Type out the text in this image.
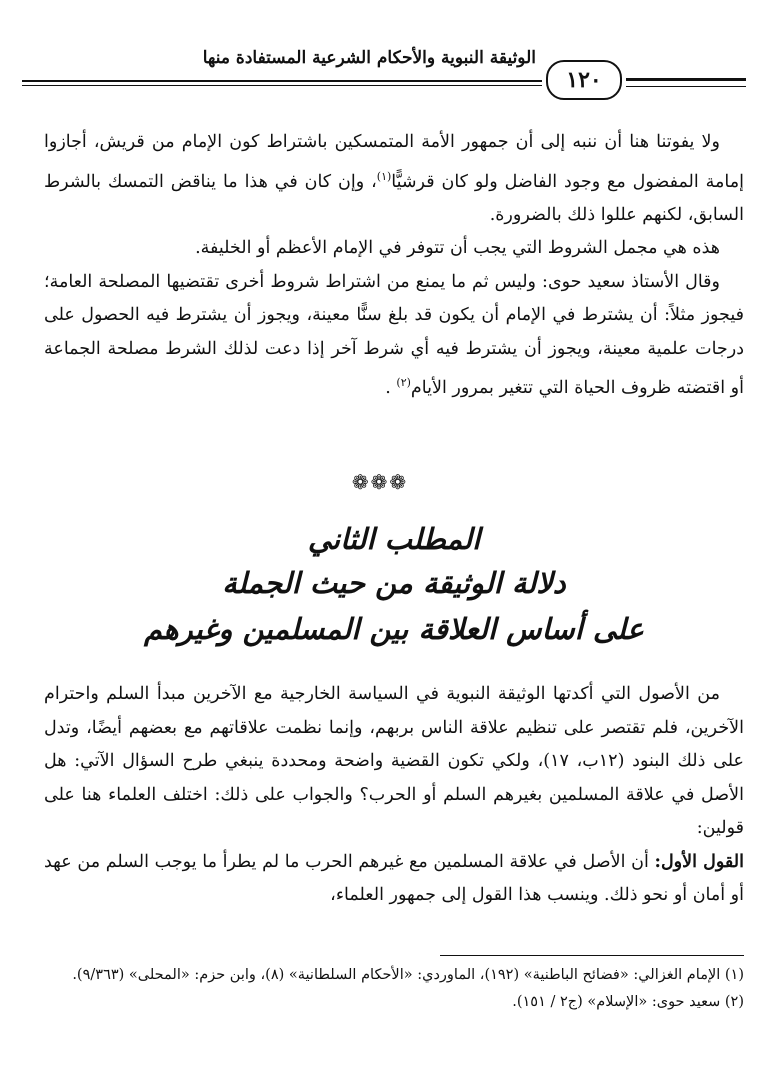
الوثيقة النبوية والأحكام الشرعية المستفادة منها
١٢٠

ولا يفوتنا هنا أن ننبه إلى أن جمهور الأمة المتمسكين باشتراط كون الإمام من قريش، أجازوا إمامة المفضول مع وجود الفاضل ولو كان قرشيًّا$^{(١)}$، وإن كان في هذا ما يناقض التمسك بالشرط السابق، لكنهم عللوا ذلك بالضرورة.

هذه هي مجمل الشروط التي يجب أن تتوفر في الإمام الأعظم أو الخليفة.

وقال الأستاذ سعيد حوى: وليس ثم ما يمنع من اشتراط شروط أخرى تقتضيها المصلحة العامة؛ فيجوز مثلاً: أن يشترط في الإمام أن يكون قد بلغ سنًّا معينة، ويجوز أن يشترط فيه الحصول على درجات علمية معينة، ويجوز أن يشترط فيه أي شرط آخر إذا دعت لذلك الشرط مصلحة الجماعة أو اقتضته ظروف الحياة التي تتغير بمرور الأيام$^{(٢)}$ .

❁❁❁
المطلب الثاني
دلالة الوثيقة من حيث الجملة
على أساس العلاقة بين المسلمين وغيرهم

من الأصول التي أكدتها الوثيقة النبوية في السياسة الخارجية مع الآخرين مبدأ السلم واحترام الآخرين، فلم تقتصر على تنظيم علاقة الناس بربهم، وإنما نظمت علاقاتهم مع بعضهم أيضًا، وتدل على ذلك البنود (١٢ب، ١٧)، ولكي تكون القضية واضحة ومحددة ينبغي طرح السؤال الآتي: هل الأصل في علاقة المسلمين بغيرهم السلم أو الحرب؟ والجواب على ذلك: اختلف العلماء هنا على قولين:

القول الأول: أن الأصل في علاقة المسلمين مع غيرهم الحرب ما لم يطرأ ما يوجب السلم من عهد أو أمان أو نحو ذلك. وينسب هذا القول إلى جمهور العلماء،

(١) الإمام الغزالي: «فضائح الباطنية» (١٩٢)، الماوردي: «الأحكام السلطانية» (٨)، وابن حزم: «المحلى» (٩/٣٦٣).

(٢) سعيد حوى: «الإسلام» (ج٢ / ١٥١).
